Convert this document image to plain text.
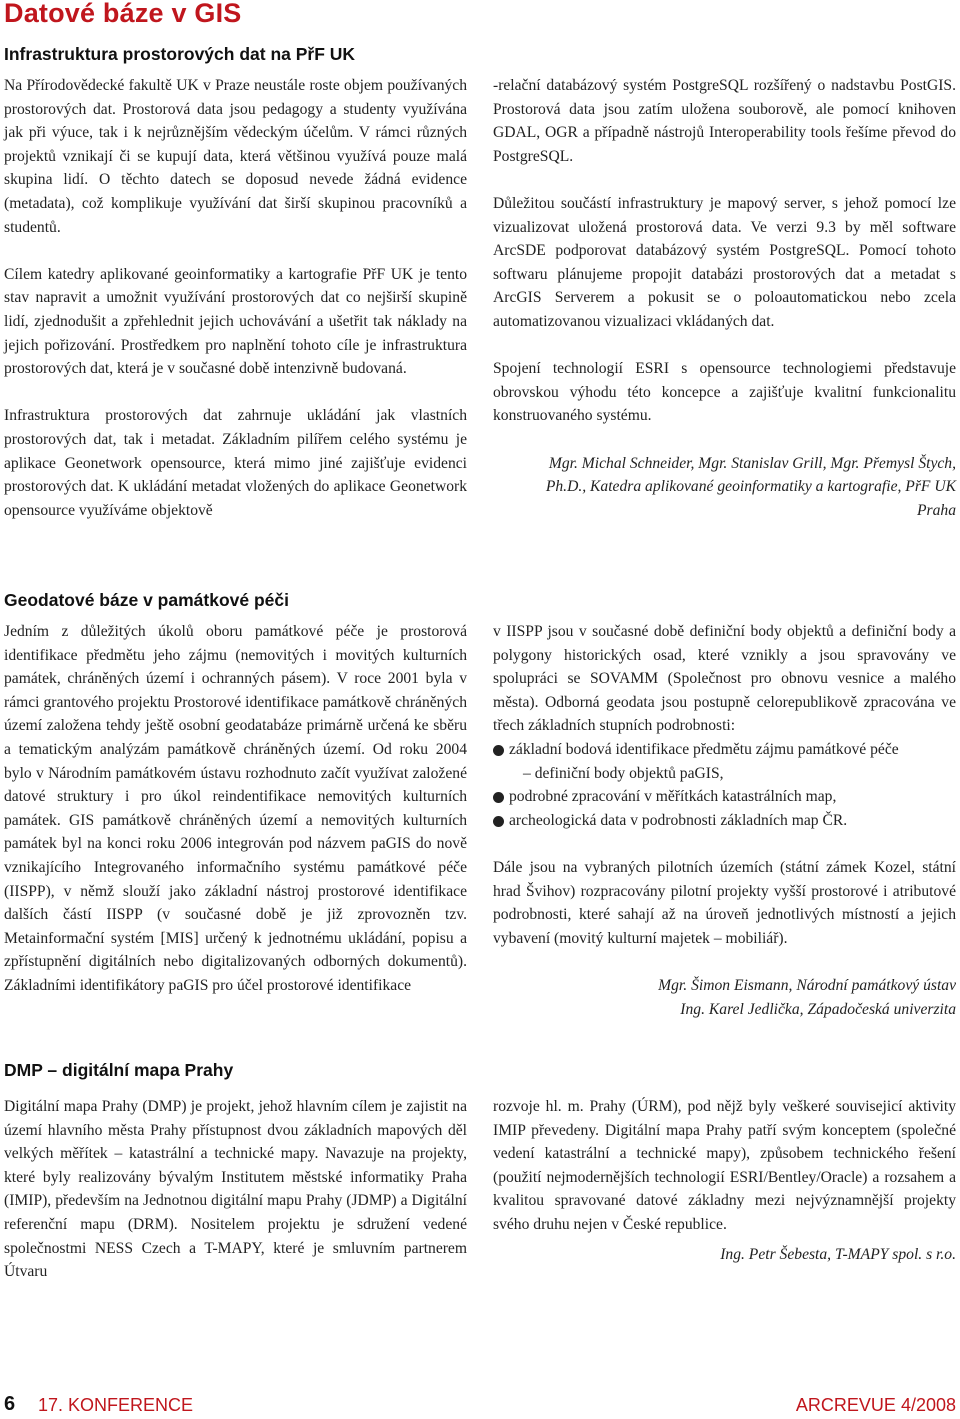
Datové báze v GIS
Infrastruktura prostorových dat na PřF UK

Na Přírodovědecké fakultě UK v Praze neustále roste objem používaných prostorových dat. Prostorová data jsou pedagogy a studenty využívána jak při výuce, tak i k nejrůznějším vědeckým účelům. V rámci různých projektů vznikají či se kupují data, která většinou využívá pouze malá skupina lidí. O těchto datech se doposud nevede žádná evidence (metadata), což komplikuje využívání dat širší skupinou pracovníků a studentů.

Cílem katedry aplikované geoinformatiky a kartografie PřF UK je tento stav napravit a umožnit využívání prostorových dat co nejširší skupině lidí, zjednodušit a zpřehlednit jejich uchovávání a ušetřit tak náklady na jejich pořizování. Prostředkem pro naplnění tohoto cíle je infrastruktura prostorových dat, která je v současné době intenzivně budovaná.

Infrastruktura prostorových dat zahrnuje ukládání jak vlastních prostorových dat, tak i metadat. Základním pilířem celého systému je aplikace Geonetwork opensource, která mimo jiné zajišťuje evidenci prostorových dat. K ukládání metadat vložených do aplikace Geonetwork opensource využíváme objektově

-relační databázový systém PostgreSQL rozšířený o nadstavbu PostGIS. Prostorová data jsou zatím uložena souborově, ale pomocí knihoven GDAL, OGR a případně nástrojů Interoperability tools řešíme převod do PostgreSQL.

Důležitou součástí infrastruktury je mapový server, s jehož pomocí lze vizualizovat uložená prostorová data. Ve verzi 9.3 by měl software ArcSDE podporovat databázový systém PostgreSQL. Pomocí tohoto softwaru plánujeme propojit databázi prostorových dat a metadat s ArcGIS Serverem a pokusit se o poloautomatickou nebo zcela automatizovanou vizualizaci vkládaných dat.

Spojení technologií ESRI s opensource technologiemi představuje obrovskou výhodu této koncepce a zajišťuje kvalitní funkcionalitu konstruovaného systému.

Mgr. Michal Schneider, Mgr. Stanislav Grill, Mgr. Přemysl Štych, Ph.D., Katedra aplikované geoinformatiky a kartografie, PřF UK Praha

Geodatové báze v památkové péči

Jedním z důležitých úkolů oboru památkové péče je prostorová identifikace předmětu jeho zájmu (nemovitých i movitých kulturních památek, chráněných území i ochranných pásem). V roce 2001 byla v rámci grantového projektu Prostorové identifikace památkově chráněných území založena tehdy ještě osobní geodatabáze primárně určená ke sběru a tematickým analýzám památkově chráněných území. Od roku 2004 bylo v Národním památkovém ústavu rozhodnuto začít využívat založené datové struktury i pro úkol reindentifikace nemovitých kulturních památek. GIS památkově chráněných území a nemovitých kulturních památek byl na konci roku 2006 integrován pod názvem paGIS do nově vznikajícího Integrovaného informačního systému památkové péče (IISPP), v němž slouží jako základní nástroj prostorové identifikace dalších částí IISPP (v současné době je již zprovozněn tzv. Metainformační systém [MIS] určený k jednotnému ukládání, popisu a zpřístupnění digitálních nebo digitalizovaných odborných dokumentů). Základními identifikátory paGIS pro účel prostorové identifikace

v IISPP jsou v současné době definiční body objektů a definiční body a polygony historických osad, které vznikly a jsou spravovány ve spolupráci se SOVAMM (Společnost pro obnovu vesnice a malého města). Odborná geodata jsou postupně celorepublikově zpracována ve třech základních stupních podrobnosti:

základní bodová identifikace předmětu zájmu památkové péče
– definiční body objektů paGIS,
podrobné zpracování v měřítkách katastrálních map,
archeologická data v podrobnosti základních map ČR.

Dále jsou na vybraných pilotních územích (státní zámek Kozel, státní hrad Švihov) rozpracovány pilotní projekty vyšší prostorové i atributové podrobnosti, které sahají až na úroveň jednotlivých místností a jejich vybavení (movitý kulturní majetek – mobiliář).

Mgr. Šimon Eismann, Národní památkový ústav
Ing. Karel Jedlička, Západočeská univerzita
DMP – digitální mapa Prahy

Digitální mapa Prahy (DMP) je projekt, jehož hlavním cílem je zajistit na území hlavního města Prahy přístupnost dvou základních mapových děl velkých měřítek – katastrální a technické mapy. Navazuje na projekty, které byly realizovány bývalým Institutem městské informatiky Praha (IMIP), především na Jednotnou digitální mapu Prahy (JDMP) a Digitální referenční mapu (DRM). Nositelem projektu je sdružení vedené společnostmi NESS Czech a T-MAPY, které je smluvním partnerem Útvaru

rozvoje hl. m. Prahy (ÚRM), pod nějž byly veškeré souvisejicí aktivity IMIP převedeny. Digitální mapa Prahy patří svým konceptem (společné vedení katastrální a technické mapy), způsobem technického řešení (použití nejmodernějších technologií ESRI/Bentley/Oracle) a rozsahem a kvalitou spravované datové základny mezi nejvýznamnější projekty svého druhu nejen v České republice.

Ing. Petr Šebesta, T-MAPY spol. s r.o.
6 17. KONFERENCE	ARCREVUE 4/2008
